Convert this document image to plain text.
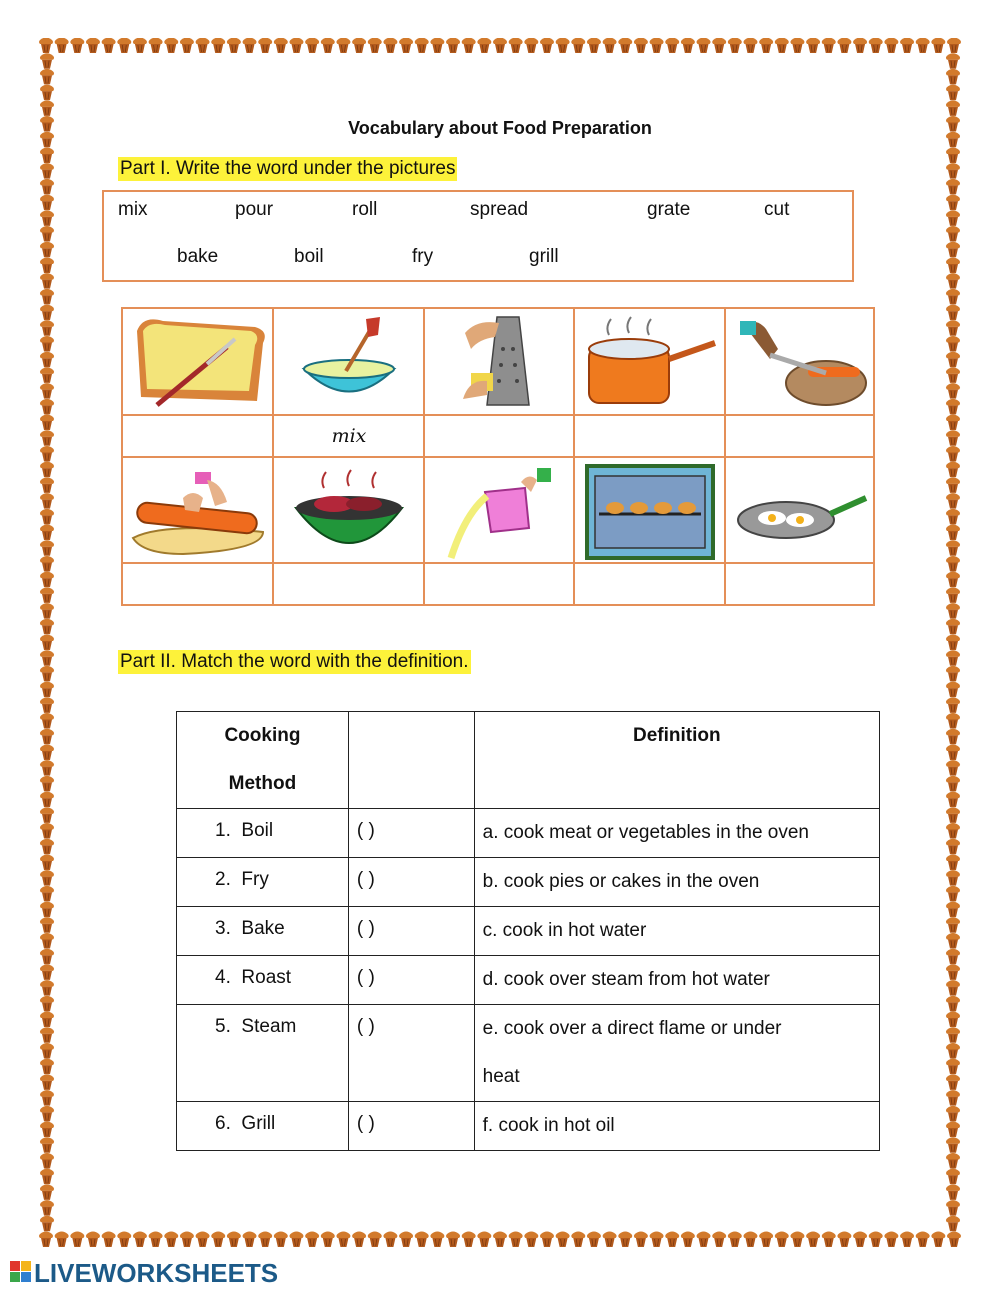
Vocabulary about Food Preparation
Part I. Write the word under the pictures
mix	pour	roll	spread	grate	cut
bake	boil	fry	grill
mix
Part II. Match the word with the definition.
Cooking
Method		Definition
1. Boil	( )	a. cook meat or vegetables in the oven
2. Fry	( )	b. cook pies or cakes in the oven
3. Bake	( )	c. cook in hot water
4. Roast	( )	d. cook over steam from hot water
5. Steam	( )	e. cook over a direct flame or under
heat

6. Grill	( )	f. cook in hot oil
LIVEWORKSHEETS
